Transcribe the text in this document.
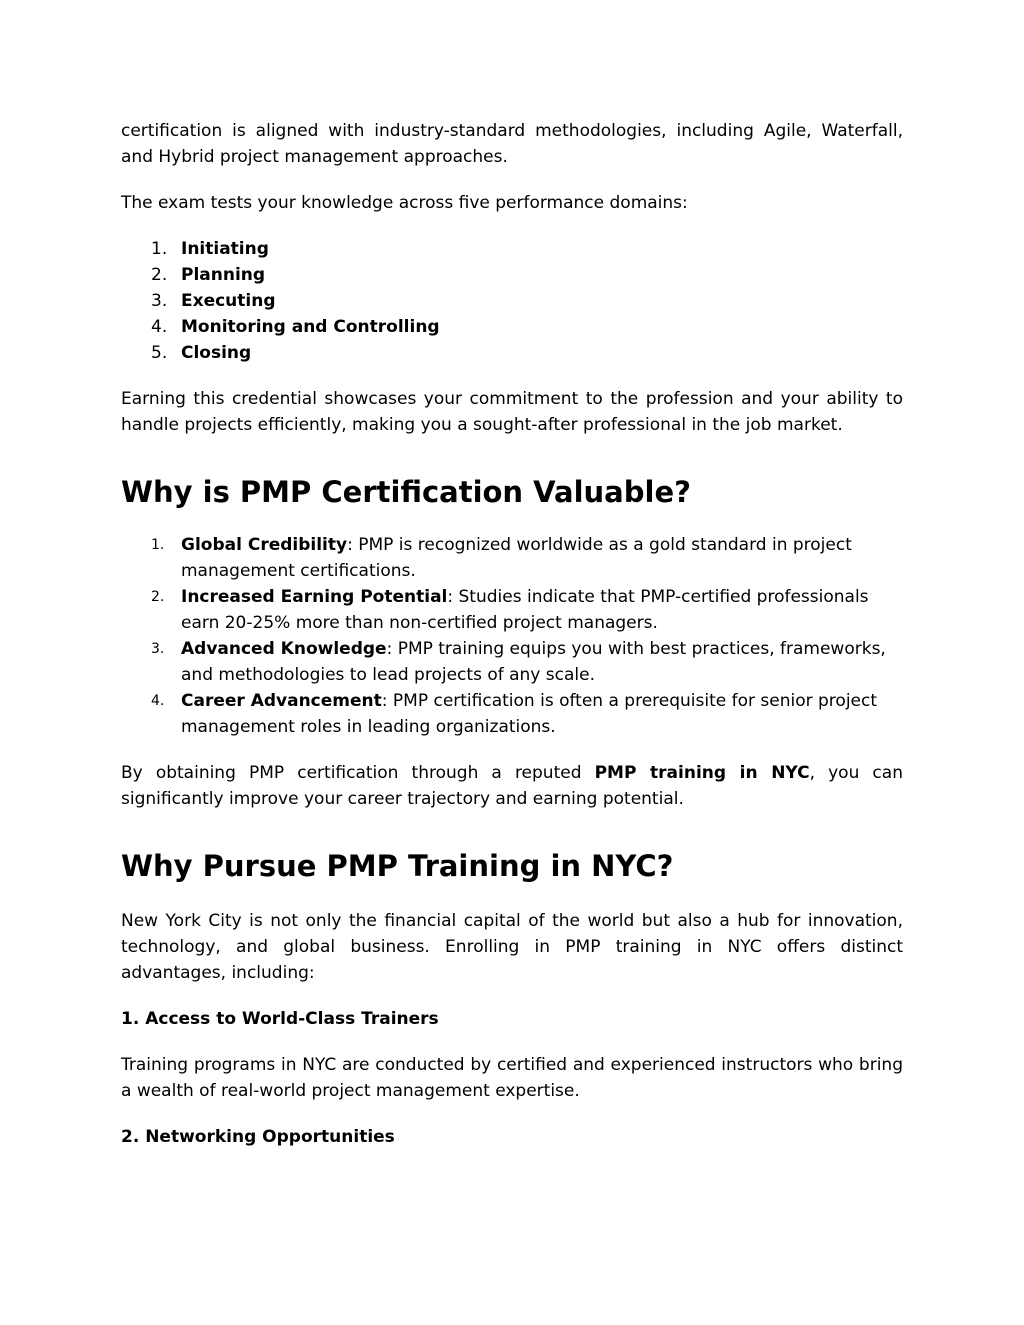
certification is aligned with industry-standard methodologies, including Agile, Waterfall, and Hybrid project management approaches.

The exam tests your knowledge across five performance domains:

1. Initiating
2. Planning
3. Executing
4. Monitoring and Controlling
5. Closing

Earning this credential showcases your commitment to the profession and your ability to handle projects efficiently, making you a sought-after professional in the job market.

Why is PMP Certification Valuable?
1. Global Credibility: PMP is recognized worldwide as a gold standard in project management certifications.
2. Increased Earning Potential: Studies indicate that PMP-certified professionals earn 20-25% more than non-certified project managers.
3. Advanced Knowledge: PMP training equips you with best practices, frameworks, and methodologies to lead projects of any scale.
4. Career Advancement: PMP certification is often a prerequisite for senior project management roles in leading organizations.

By obtaining PMP certification through a reputed PMP training in NYC, you can significantly improve your career trajectory and earning potential.

Why Pursue PMP Training in NYC?

New York City is not only the financial capital of the world but also a hub for innovation, technology, and global business. Enrolling in PMP training in NYC offers distinct advantages, including:

1. Access to World-Class Trainers

Training programs in NYC are conducted by certified and experienced instructors who bring a wealth of real-world project management expertise.

2. Networking Opportunities
